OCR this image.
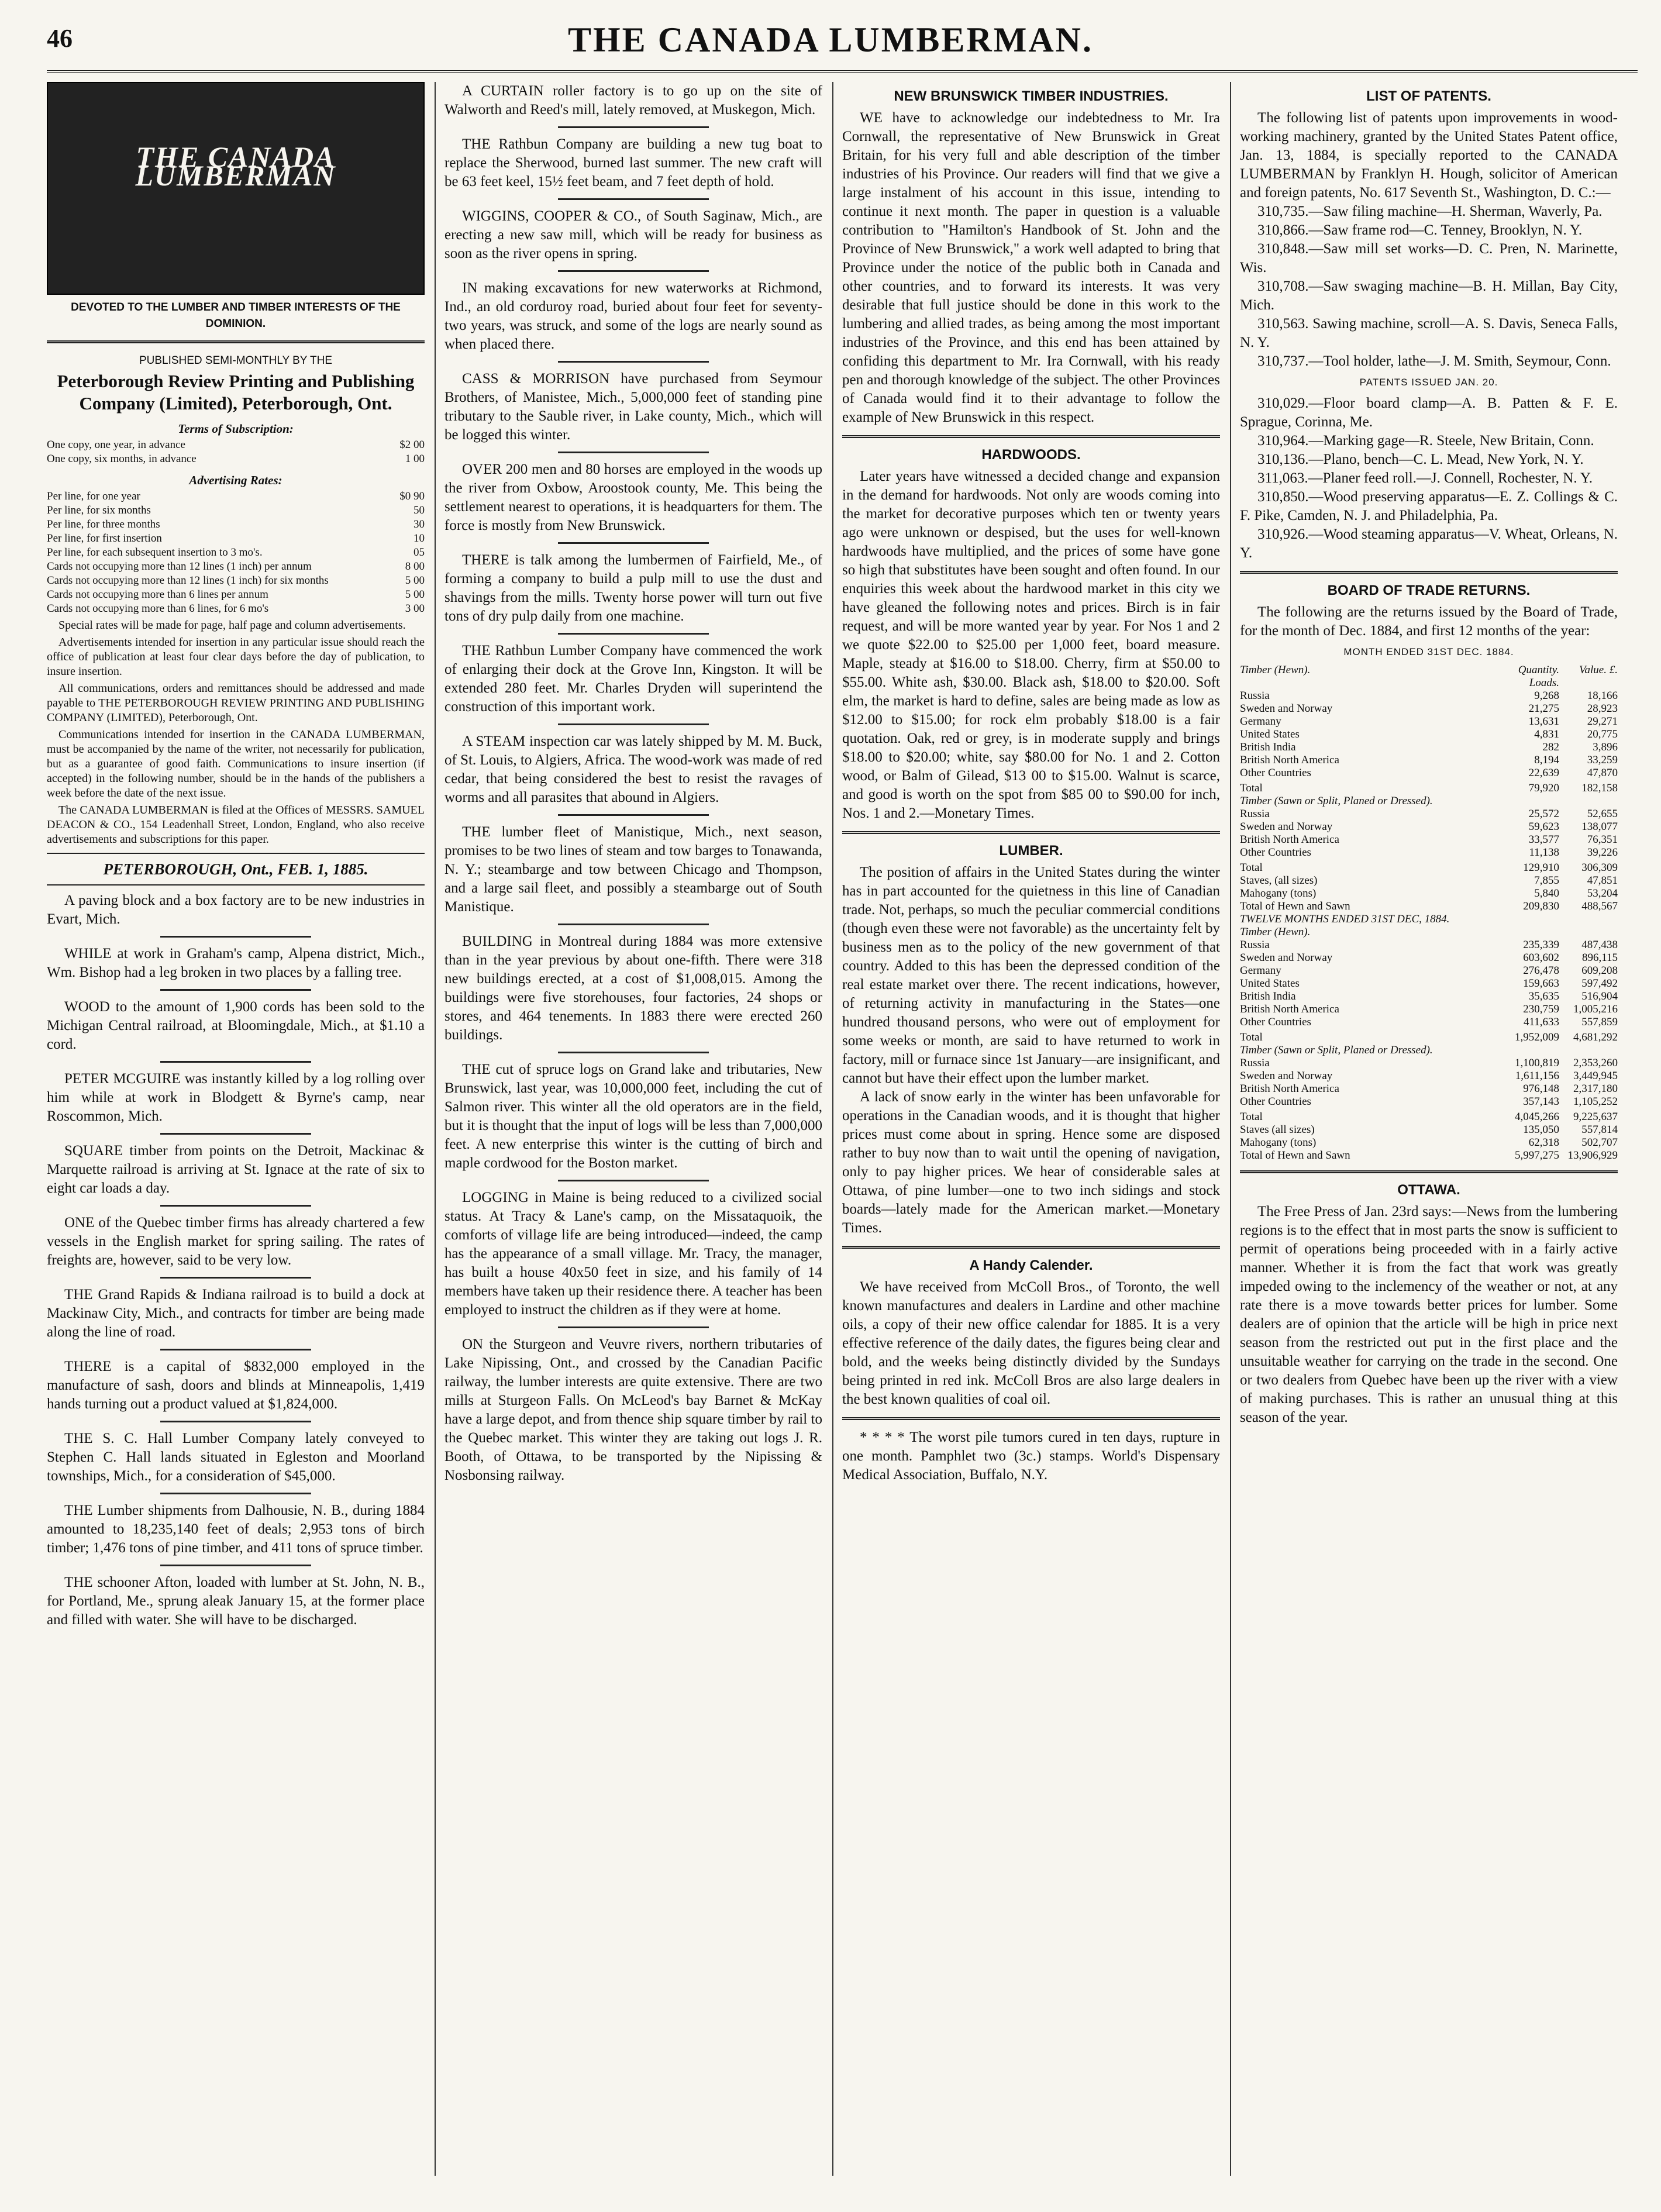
46	THE CANADA LUMBERMAN.
THE CANADA LUMBERMAN
DEVOTED TO THE LUMBER AND TIMBER INTERESTS OF THE DOMINION.
PUBLISHED SEMI-MONTHLY BY THE
Peterborough Review Printing and Publishing Company (Limited), Peterborough, Ont.
Terms of Subscription:
One copy, one year, in advance	$2 00
One copy, six months, in advance	1 00
Advertising Rates:
Per line, for one year	$0 90
Per line, for six months	50
Per line, for three months	30
Per line, for first insertion	10
Per line, for each subsequent insertion to 3 mo's.	05
Cards not occupying more than 12 lines (1 inch) per annum	8 00
Cards not occupying more than 12 lines (1 inch) for six months	5 00
Cards not occupying more than 6 lines per annum	5 00
Cards not occupying more than 6 lines, for 6 mo's	3 00

Special rates will be made for page, half page and column advertisements.

Advertisements intended for insertion in any particular issue should reach the office of publication at least four clear days before the day of publication, to insure insertion.

All communications, orders and remittances should be addressed and made payable to THE PETERBOROUGH REVIEW PRINTING AND PUBLISHING COMPANY (LIMITED), Peterborough, Ont.

Communications intended for insertion in the CANADA LUMBERMAN, must be accompanied by the name of the writer, not necessarily for publication, but as a guarantee of good faith. Communications to insure insertion (if accepted) in the following number, should be in the hands of the publishers a week before the date of the next issue.

The CANADA LUMBERMAN is filed at the Offices of MESSRS. SAMUEL DEACON & CO., 154 Leadenhall Street, London, England, who also receive advertisements and subscriptions for this paper.

PETERBOROUGH, Ont., FEB. 1, 1885.

A paving block and a box factory are to be new industries in Evart, Mich.

WHILE at work in Graham's camp, Alpena district, Mich., Wm. Bishop had a leg broken in two places by a falling tree.

WOOD to the amount of 1,900 cords has been sold to the Michigan Central railroad, at Bloomingdale, Mich., at $1.10 a cord.

PETER MCGUIRE was instantly killed by a log rolling over him while at work in Blodgett & Byrne's camp, near Roscommon, Mich.

SQUARE timber from points on the Detroit, Mackinac & Marquette railroad is arriving at St. Ignace at the rate of six to eight car loads a day.

ONE of the Quebec timber firms has already chartered a few vessels in the English market for spring sailing. The rates of freights are, however, said to be very low.

THE Grand Rapids & Indiana railroad is to build a dock at Mackinaw City, Mich., and contracts for timber are being made along the line of road.

THERE is a capital of $832,000 employed in the manufacture of sash, doors and blinds at Minneapolis, 1,419 hands turning out a product valued at $1,824,000.

THE S. C. Hall Lumber Company lately conveyed to Stephen C. Hall lands situated in Egleston and Moorland townships, Mich., for a consideration of $45,000.

THE Lumber shipments from Dalhousie, N. B., during 1884 amounted to 18,235,140 feet of deals; 2,953 tons of birch timber; 1,476 tons of pine timber, and 411 tons of spruce timber.

THE schooner Afton, loaded with lumber at St. John, N. B., for Portland, Me., sprung aleak January 15, at the former place and filled with water. She will have to be discharged.

A CURTAIN roller factory is to go up on the site of Walworth and Reed's mill, lately removed, at Muskegon, Mich.

THE Rathbun Company are building a new tug boat to replace the Sherwood, burned last summer. The new craft will be 63 feet keel, 15½ feet beam, and 7 feet depth of hold.

WIGGINS, COOPER & CO., of South Saginaw, Mich., are erecting a new saw mill, which will be ready for business as soon as the river opens in spring.

IN making excavations for new waterworks at Richmond, Ind., an old corduroy road, buried about four feet for seventy-two years, was struck, and some of the logs are nearly sound as when placed there.

CASS & MORRISON have purchased from Seymour Brothers, of Manistee, Mich., 5,000,000 feet of standing pine tributary to the Sauble river, in Lake county, Mich., which will be logged this winter.

OVER 200 men and 80 horses are employed in the woods up the river from Oxbow, Aroostook county, Me. This being the settlement nearest to operations, it is headquarters for them. The force is mostly from New Brunswick.

THERE is talk among the lumbermen of Fairfield, Me., of forming a company to build a pulp mill to use the dust and shavings from the mills. Twenty horse power will turn out five tons of dry pulp daily from one machine.

THE Rathbun Lumber Company have commenced the work of enlarging their dock at the Grove Inn, Kingston. It will be extended 280 feet. Mr. Charles Dryden will superintend the construction of this important work.

A STEAM inspection car was lately shipped by M. M. Buck, of St. Louis, to Algiers, Africa. The wood-work was made of red cedar, that being considered the best to resist the ravages of worms and all parasites that abound in Algiers.

THE lumber fleet of Manistique, Mich., next season, promises to be two lines of steam and tow barges to Tonawanda, N. Y.; steambarge and tow between Chicago and Thompson, and a large sail fleet, and possibly a steambarge out of South Manistique.

BUILDING in Montreal during 1884 was more extensive than in the year previous by about one-fifth. There were 318 new buildings erected, at a cost of $1,008,015. Among the buildings were five storehouses, four factories, 24 shops or stores, and 464 tenements. In 1883 there were erected 260 buildings.

THE cut of spruce logs on Grand lake and tributaries, New Brunswick, last year, was 10,000,000 feet, including the cut of Salmon river. This winter all the old operators are in the field, but it is thought that the input of logs will be less than 7,000,000 feet. A new enterprise this winter is the cutting of birch and maple cordwood for the Boston market.

LOGGING in Maine is being reduced to a civilized social status. At Tracy & Lane's camp, on the Missataquoik, the comforts of village life are being introduced—indeed, the camp has the appearance of a small village. Mr. Tracy, the manager, has built a house 40x50 feet in size, and his family of 14 members have taken up their residence there. A teacher has been employed to instruct the children as if they were at home.

ON the Sturgeon and Veuvre rivers, northern tributaries of Lake Nipissing, Ont., and crossed by the Canadian Pacific railway, the lumber interests are quite extensive. There are two mills at Sturgeon Falls. On McLeod's bay Barnet & McKay have a large depot, and from thence ship square timber by rail to the Quebec market. This winter they are taking out logs J. R. Booth, of Ottawa, to be transported by the Nipissing & Nosbonsing railway.

NEW BRUNSWICK TIMBER INDUSTRIES.

WE have to acknowledge our indebtedness to Mr. Ira Cornwall, the representative of New Brunswick in Great Britain, for his very full and able description of the timber industries of his Province. Our readers will find that we give a large instalment of his account in this issue, intending to continue it next month. The paper in question is a valuable contribution to "Hamilton's Handbook of St. John and the Province of New Brunswick," a work well adapted to bring that Province under the notice of the public both in Canada and other countries, and to forward its interests. It was very desirable that full justice should be done in this work to the lumbering and allied trades, as being among the most important industries of the Province, and this end has been attained by confiding this department to Mr. Ira Cornwall, with his ready pen and thorough knowledge of the subject. The other Provinces of Canada would find it to their advantage to follow the example of New Brunswick in this respect.

HARDWOODS.

Later years have witnessed a decided change and expansion in the demand for hardwoods. Not only are woods coming into the market for decorative purposes which ten or twenty years ago were unknown or despised, but the uses for well-known hardwoods have multiplied, and the prices of some have gone so high that substitutes have been sought and often found. In our enquiries this week about the hardwood market in this city we have gleaned the following notes and prices. Birch is in fair request, and will be more wanted year by year. For Nos 1 and 2 we quote $22.00 to $25.00 per 1,000 feet, board measure. Maple, steady at $16.00 to $18.00. Cherry, firm at $50.00 to $55.00. White ash, $30.00. Black ash, $18.00 to $20.00. Soft elm, the market is hard to define, sales are being made as low as $12.00 to $15.00; for rock elm probably $18.00 is a fair quotation. Oak, red or grey, is in moderate supply and brings $18.00 to $20.00; white, say $80.00 for No. 1 and 2. Cotton wood, or Balm of Gilead, $13 00 to $15.00. Walnut is scarce, and good is worth on the spot from $85 00 to $90.00 for inch, Nos. 1 and 2.—Monetary Times.

LUMBER.

The position of affairs in the United States during the winter has in part accounted for the quietness in this line of Canadian trade. Not, perhaps, so much the peculiar commercial conditions (though even these were not favorable) as the uncertainty felt by business men as to the policy of the new government of that country. Added to this has been the depressed condition of the real estate market over there. The recent indications, however, of returning activity in manufacturing in the States—one hundred thousand persons, who were out of employment for some weeks or month, are said to have returned to work in factory, mill or furnace since 1st January—are insignificant, and cannot but have their effect upon the lumber market.

A lack of snow early in the winter has been unfavorable for operations in the Canadian woods, and it is thought that higher prices must come about in spring. Hence some are disposed rather to buy now than to wait until the opening of navigation, only to pay higher prices. We hear of considerable sales at Ottawa, of pine lumber—one to two inch sidings and stock boards—lately made for the American market.—Monetary Times.

A Handy Calender.

We have received from McColl Bros., of Toronto, the well known manufactures and dealers in Lardine and other machine oils, a copy of their new office calendar for 1885. It is a very effective reference of the daily dates, the figures being clear and bold, and the weeks being distinctly divided by the Sundays being printed in red ink. McColl Bros are also large dealers in the best known qualities of coal oil.

* * * * The worst pile tumors cured in ten days, rupture in one month. Pamphlet two (3c.) stamps. World's Dispensary Medical Association, Buffalo, N.Y.

LIST OF PATENTS.

The following list of patents upon improvements in wood-working machinery, granted by the United States Patent office, Jan. 13, 1884, is specially reported to the CANADA LUMBERMAN by Franklyn H. Hough, solicitor of American and foreign patents, No. 617 Seventh St., Washington, D. C.:—

310,735.—Saw filing machine—H. Sherman, Waverly, Pa.

310,866.—Saw frame rod—C. Tenney, Brooklyn, N. Y.

310,848.—Saw mill set works—D. C. Pren, N. Marinette, Wis.

310,708.—Saw swaging machine—B. H. Millan, Bay City, Mich.

310,563. Sawing machine, scroll—A. S. Davis, Seneca Falls, N. Y.

310,737.—Tool holder, lathe—J. M. Smith, Seymour, Conn.

PATENTS ISSUED JAN. 20.

310,029.—Floor board clamp—A. B. Patten & F. E. Sprague, Corinna, Me.

310,964.—Marking gage—R. Steele, New Britain, Conn.

310,136.—Plano, bench—C. L. Mead, New York, N. Y.

311,063.—Planer feed roll.—J. Connell, Rochester, N. Y.

310,850.—Wood preserving apparatus—E. Z. Collings & C. F. Pike, Camden, N. J. and Philadelphia, Pa.

310,926.—Wood steaming apparatus—V. Wheat, Orleans, N. Y.

BOARD OF TRADE RETURNS.

The following are the returns issued by the Board of Trade, for the month of Dec. 1884, and first 12 months of the year:

MONTH ENDED 31ST DEC. 1884.
Timber (Hewn).	Quantity. Loads.	Value. £.
Russia	9,268	18,166
Sweden and Norway	21,275	28,923
Germany	13,631	29,271
United States	4,831	20,775
British India	282	3,896
British North America	8,194	33,259
Other Countries	22,639	47,870
Total	79,920	182,158
Timber (Sawn or Split, Planed or Dressed).		
Russia	25,572	52,655
Sweden and Norway	59,623	138,077
British North America	33,577	76,351
Other Countries	11,138	39,226
Total	129,910	306,309
Staves, (all sizes)	7,855	47,851
Mahogany (tons)	5,840	53,204
Total of Hewn and Sawn	209,830	488,567
TWELVE MONTHS ENDED 31ST DEC, 1884.		
Timber (Hewn).		
Russia	235,339	487,438
Sweden and Norway	603,602	896,115
Germany	276,478	609,208
United States	159,663	597,492
British India	35,635	516,904
British North America	230,759	1,005,216
Other Countries	411,633	557,859
Total	1,952,009	4,681,292
Timber (Sawn or Split, Planed or Dressed).		
Russia	1,100,819	2,353,260
Sweden and Norway	1,611,156	3,449,945
British North America	976,148	2,317,180
Other Countries	357,143	1,105,252
Total	4,045,266	9,225,637
Staves (all sizes)	135,050	557,814
Mahogany (tons)	62,318	502,707
Total of Hewn and Sawn	5,997,275	13,906,929
OTTAWA.

The Free Press of Jan. 23rd says:—News from the lumbering regions is to the effect that in most parts the snow is sufficient to permit of operations being proceeded with in a fairly active manner. Whether it is from the fact that work was greatly impeded owing to the inclemency of the weather or not, at any rate there is a move towards better prices for lumber. Some dealers are of opinion that the article will be high in price next season from the restricted out put in the first place and the unsuitable weather for carrying on the trade in the second. One or two dealers from Quebec have been up the river with a view of making purchases. This is rather an unusual thing at this season of the year.
